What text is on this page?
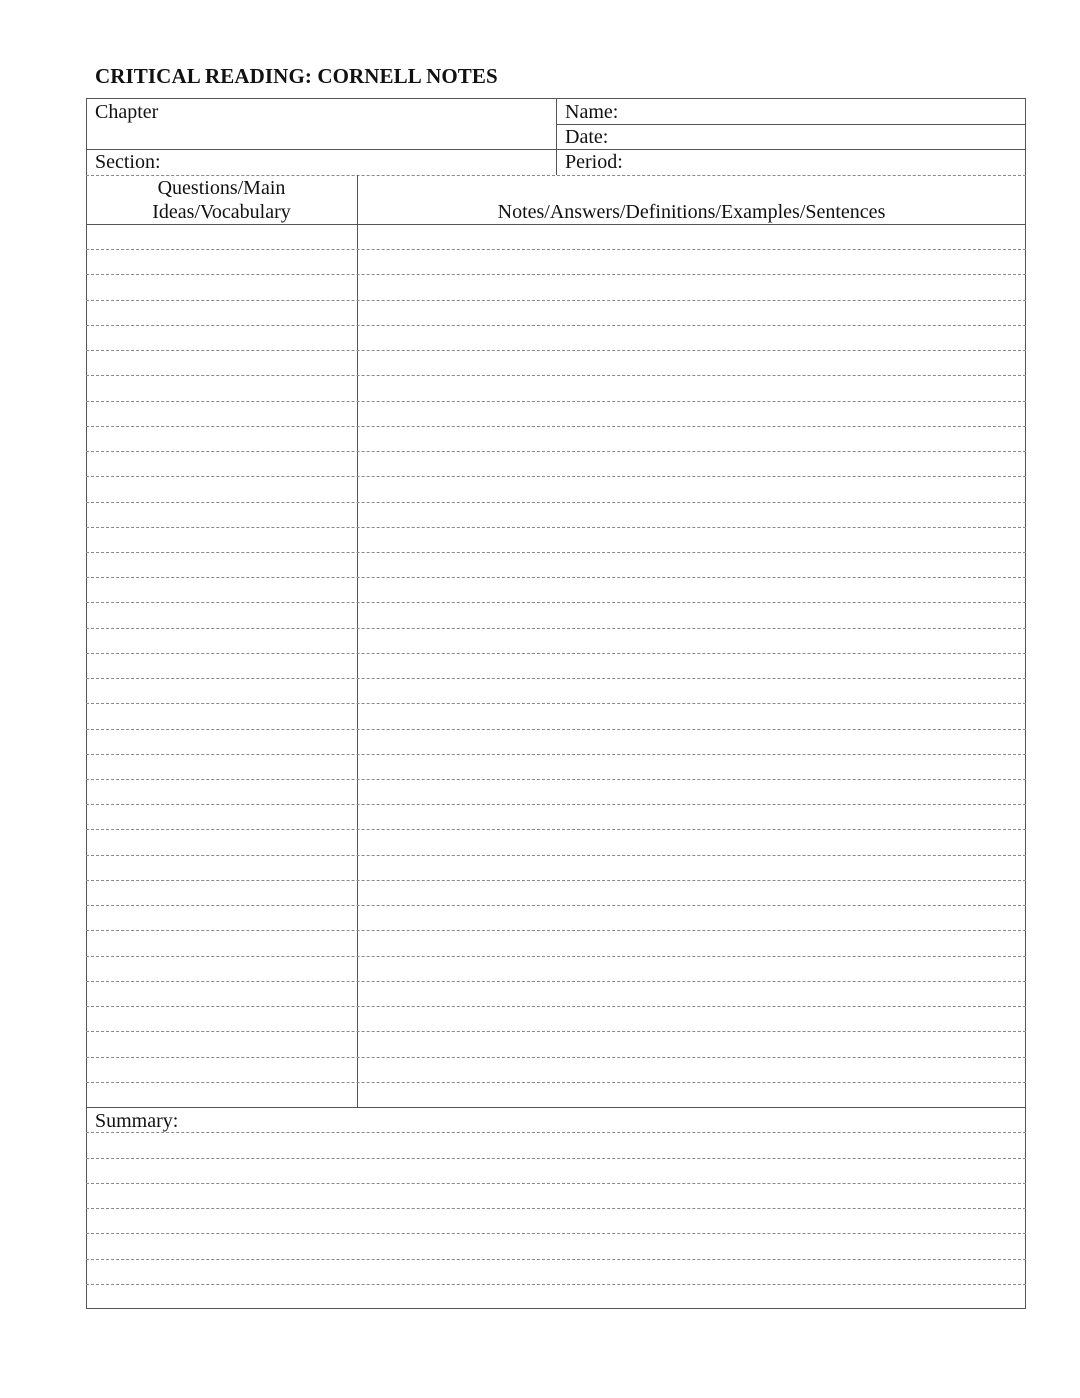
CRITICAL READING: CORNELL NOTES
Chapter	Name:
Date:
Section:	Period:
Questions/Main
Ideas/Vocabulary	Notes/Answers/Definitions/Examples/Sentences
Summary:
